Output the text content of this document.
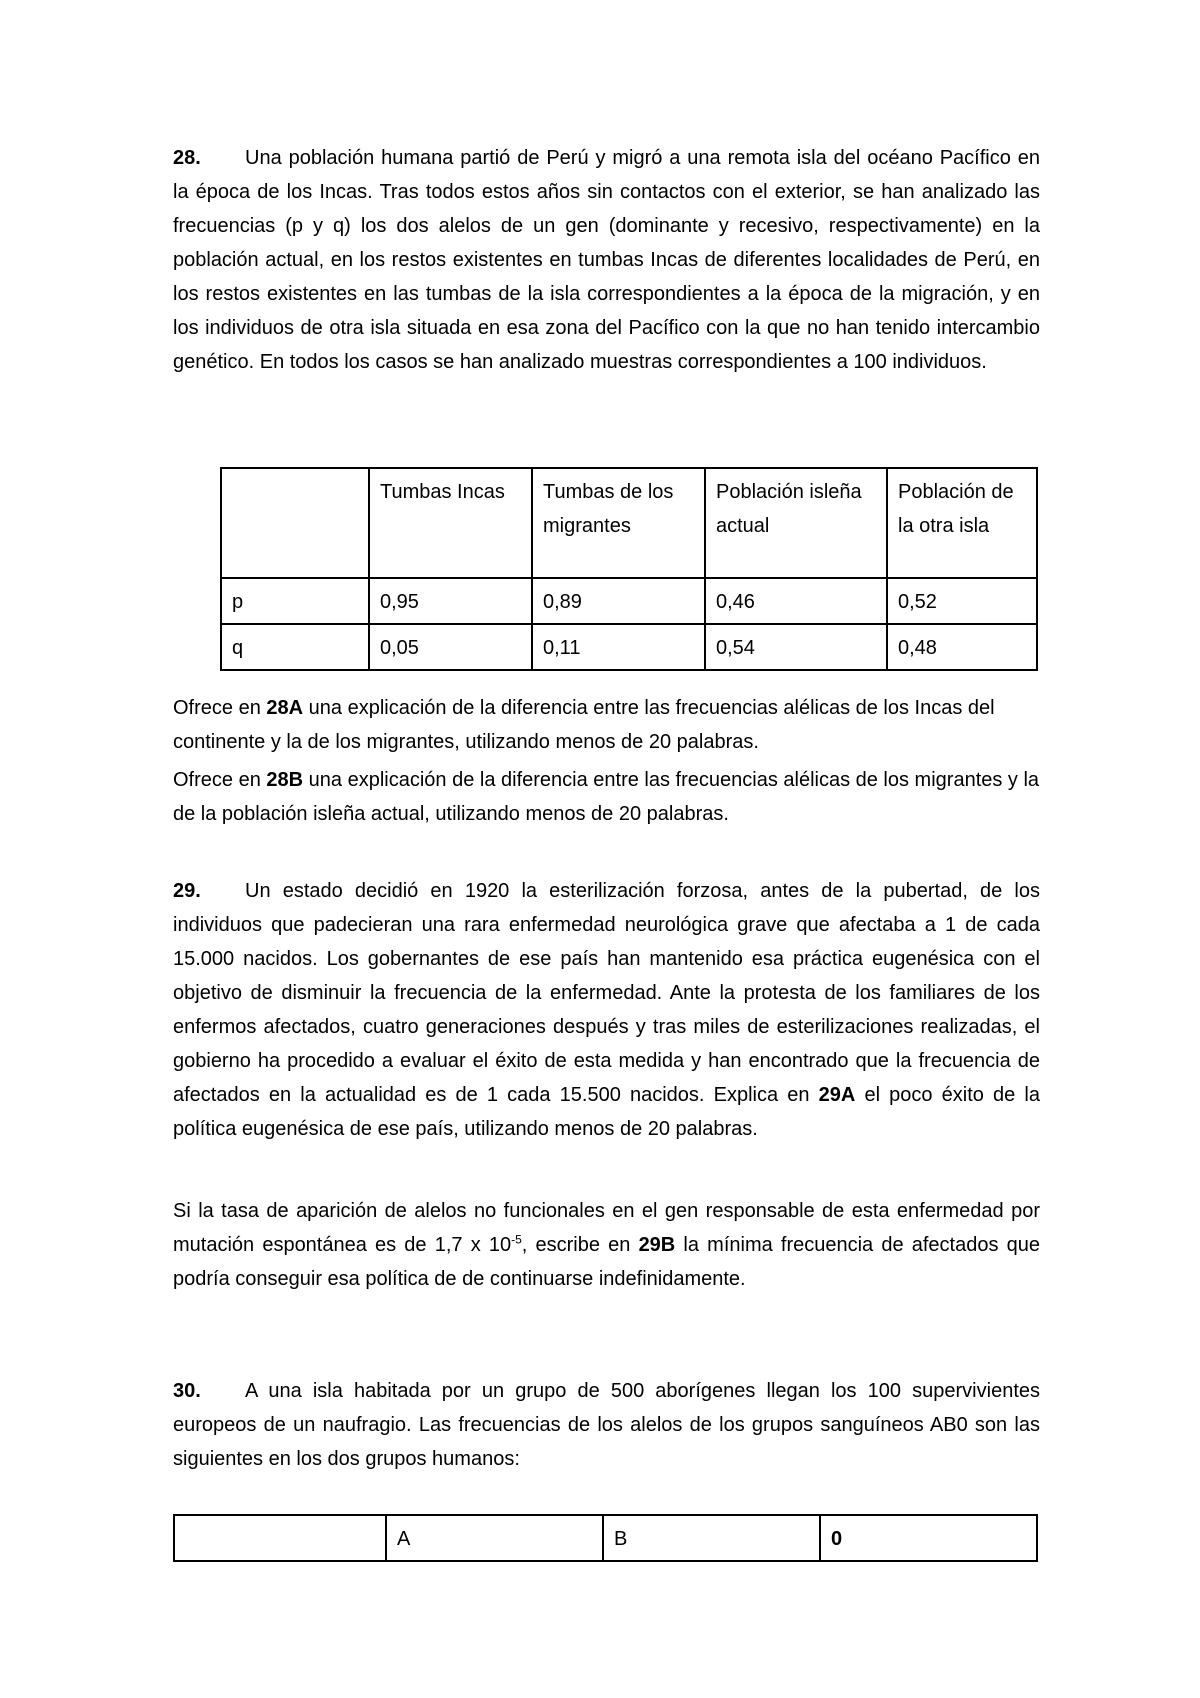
28. Una población humana partió de Perú y migró a una remota isla del océano Pacífico en la época de los Incas. Tras todos estos años sin contactos con el exterior, se han analizado las frecuencias (p y q) los dos alelos de un gen (dominante y recesivo, respectivamente) en la población actual, en los restos existentes en tumbas Incas de diferentes localidades de Perú, en los restos existentes en las tumbas de la isla correspondientes a la época de la migración, y en los individuos de otra isla situada en esa zona del Pacífico con la que no han tenido intercambio genético. En todos los casos se han analizado muestras correspondientes a 100 individuos.
	Tumbas Incas	Tumbas de los migrantes	Población isleña actual	Población de la otra isla
p	0,95	0,89	0,46	0,52
q	0,05	0,11	0,54	0,48
Ofrece en 28A una explicación de la diferencia entre las frecuencias alélicas de los Incas del continente y la de los migrantes, utilizando menos de 20 palabras.
Ofrece en 28B una explicación de la diferencia entre las frecuencias alélicas de los migrantes y la de la población isleña actual, utilizando menos de 20 palabras.
29. Un estado decidió en 1920 la esterilización forzosa, antes de la pubertad, de los individuos que padecieran una rara enfermedad neurológica grave que afectaba a 1 de cada 15.000 nacidos. Los gobernantes de ese país han mantenido esa práctica eugenésica con el objetivo de disminuir la frecuencia de la enfermedad. Ante la protesta de los familiares de los enfermos afectados, cuatro generaciones después y tras miles de esterilizaciones realizadas, el gobierno ha procedido a evaluar el éxito de esta medida y han encontrado que la frecuencia de afectados en la actualidad es de 1 cada 15.500 nacidos. Explica en 29A el poco éxito de la política eugenésica de ese país, utilizando menos de 20 palabras.
Si la tasa de aparición de alelos no funcionales en el gen responsable de esta enfermedad por mutación espontánea es de 1,7 x $10^{-5}$, escribe en 29B la mínima frecuencia de afectados que podría conseguir esa política de de continuarse indefinidamente.
30. A una isla habitada por un grupo de 500 aborígenes llegan los 100 supervivientes europeos de un naufragio. Las frecuencias de los alelos de los grupos sanguíneos AB0 son las siguientes en los dos grupos humanos:
	A	B	0
